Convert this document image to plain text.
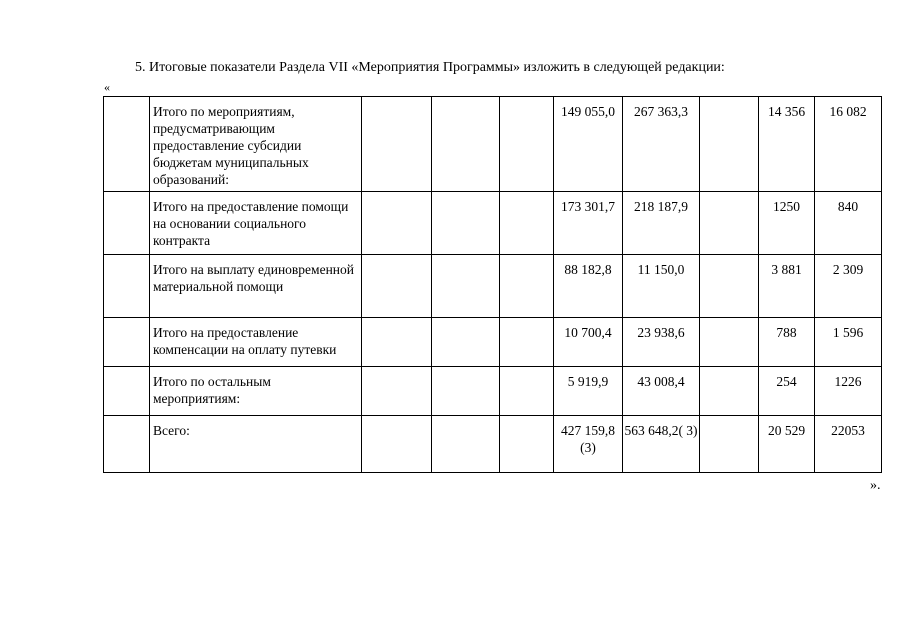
5. Итоговые показатели Раздела VII «Мероприятия Программы» изложить в следующей редакции:
«
	Итого по мероприятиям, предусматривающим предоставление субсидии бюджетам муниципальных образований:				149 055,0	267 363,3		14 356	16 082
	Итого на предоставление помощи на основании социального контракта				173 301,7	218 187,9		1250	840
	Итого на выплату единовременной материальной помощи				88 182,8	11 150,0		3 881	2 309
	Итого на предоставление компенсации на оплату путевки				10 700,4	23 938,6		788	1 596
	Итого по остальным мероприятиям:				5 919,9	43 008,4		254	1226
	Всего:				427 159,8 (3)	563 648,2( 3)		20 529	22053
».
